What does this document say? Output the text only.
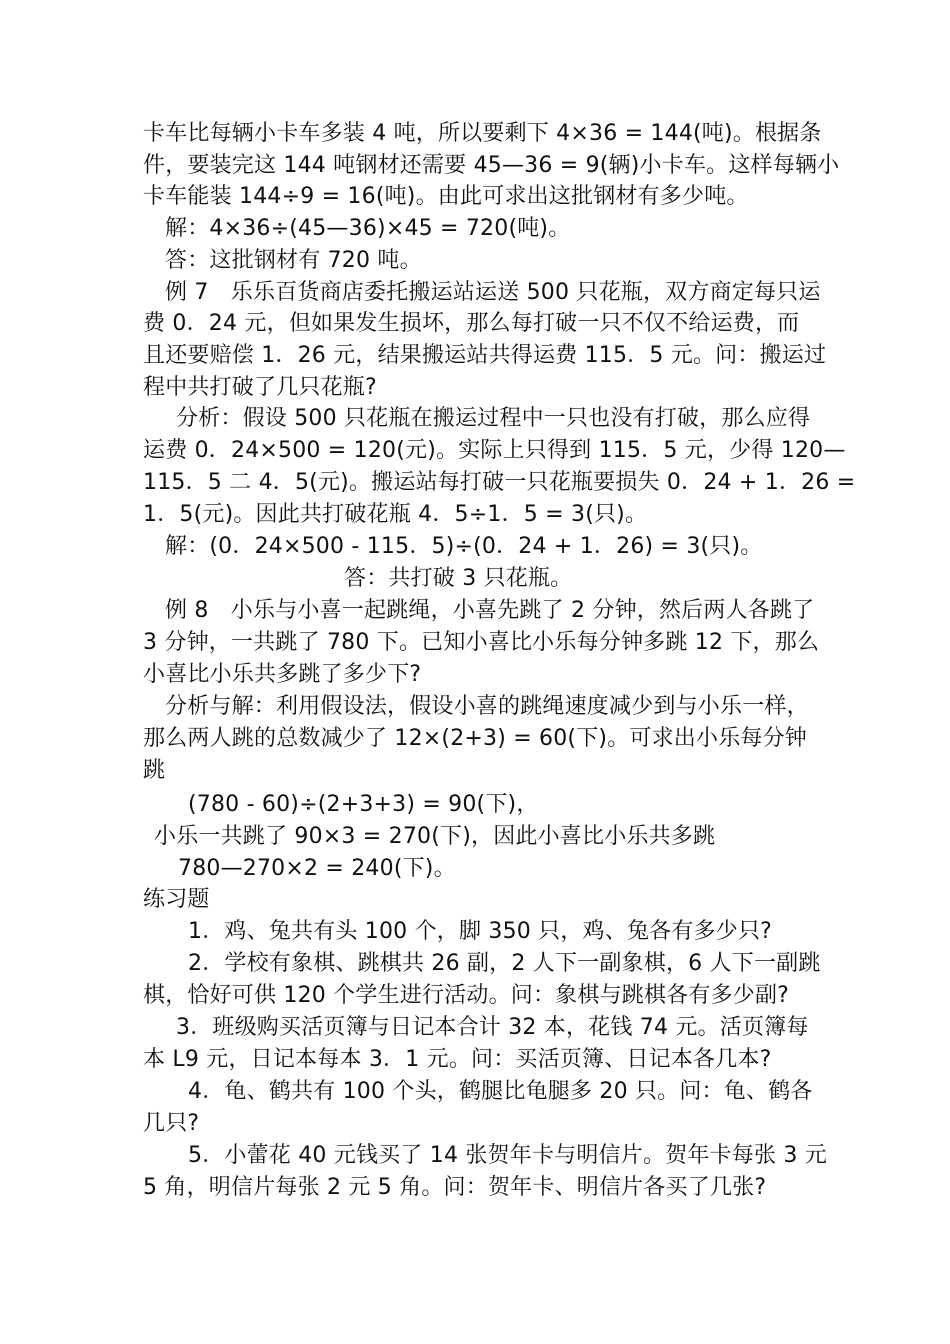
卡车比每辆小卡车多装 4 吨，所以要剩下 4×36 = 144(吨)。根据条
件，要装完这 144 吨钢材还需要 45—36 = 9(辆)小卡车。这样每辆小
卡车能装 144÷9 = 16(吨)。由此可求出这批钢材有多少吨。
解：4×36÷(45—36)×45 = 720(吨)。
答：这批钢材有 720 吨。
例 7　乐乐百货商店委托搬运站运送 500 只花瓶，双方商定每只运
费 0．24 元，但如果发生损坏，那么每打破一只不仅不给运费，而
且还要赔偿 1．26 元，结果搬运站共得运费 115．5 元。问：搬运过
程中共打破了几只花瓶?
分析：假设 500 只花瓶在搬运过程中一只也没有打破，那么应得
运费 0．24×500 = 120(元)。实际上只得到 115．5 元，少得 120—
115．5 二 4．5(元)。搬运站每打破一只花瓶要损失 0．24 + 1．26 =
1．5(元)。因此共打破花瓶 4．5÷1．5 = 3(只)。
解：(0．24×500 - 115．5)÷(0．24 + 1．26) = 3(只)。
答：共打破 3 只花瓶。
例 8　小乐与小喜一起跳绳，小喜先跳了 2 分钟，然后两人各跳了
3 分钟，一共跳了 780 下。已知小喜比小乐每分钟多跳 12 下，那么
小喜比小乐共多跳了多少下?
分析与解：利用假设法，假设小喜的跳绳速度减少到与小乐一样，
那么两人跳的总数减少了 12×(2+3) = 60(下)。可求出小乐每分钟
跳
(780 - 60)÷(2+3+3) = 90(下)，
小乐一共跳了 90×3 = 270(下)，因此小喜比小乐共多跳
780—270×2 = 240(下)。
练习题
1．鸡、兔共有头 100 个，脚 350 只，鸡、兔各有多少只?
2．学校有象棋、跳棋共 26 副，2 人下一副象棋，6 人下一副跳
棋，恰好可供 120 个学生进行活动。问：象棋与跳棋各有多少副?
3．班级购买活页簿与日记本合计 32 本，花钱 74 元。活页簿每
本 L9 元，日记本每本 3．1 元。问：买活页簿、日记本各几本?
4．龟、鹤共有 100 个头，鹤腿比龟腿多 20 只。问：龟、鹤各
几只?
5．小蕾花 40 元钱买了 14 张贺年卡与明信片。贺年卡每张 3 元
5 角，明信片每张 2 元 5 角。问：贺年卡、明信片各买了几张?
